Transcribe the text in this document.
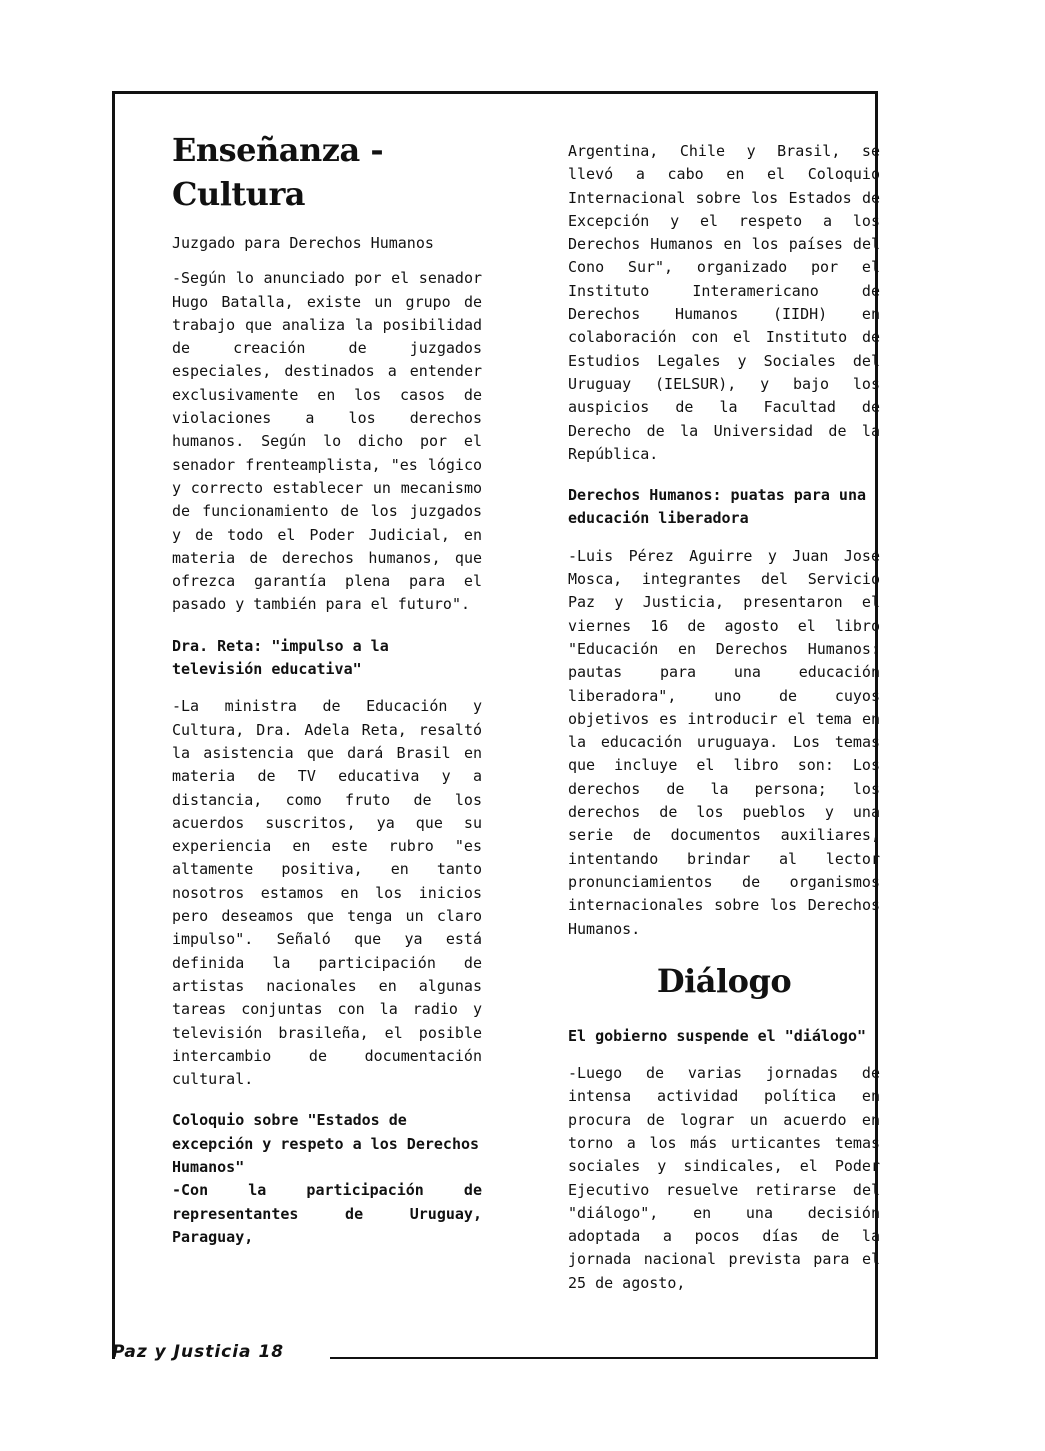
Enseñanza - Cultura

Juzgado para Derechos Humanos

-Según lo anunciado por el senador Hugo Batalla, existe un grupo de trabajo que analiza la posibilidad de creación de juzgados especiales, destinados a entender exclusivamente en los casos de violaciones a los derechos humanos. Según lo dicho por el senador frenteamplista, "es lógico y correcto establecer un mecanismo de funcionamiento de los juzgados y de todo el Poder Judicial, en materia de derechos humanos, que ofrezca garantía plena para el pasado y también para el futuro".

Dra. Reta: "impulso a la televisión educativa"

-La ministra de Educación y Cultura, Dra. Adela Reta, resaltó la asistencia que dará Brasil en materia de TV educativa y a distancia, como fruto de los acuerdos suscritos, ya que su experiencia en este rubro "es altamente positiva, en tanto nosotros estamos en los inicios pero deseamos que tenga un claro impulso". Señaló que ya está definida la participación de artistas nacionales en algunas tareas conjuntas con la radio y televisión brasileña, el posible intercambio de documentación cultural.

Coloquio sobre "Estados de excepción y respeto a los Derechos Humanos"

-Con la participación de representantes de Uruguay, Paraguay,

Argentina, Chile y Brasil, se llevó a cabo en el Coloquio Internacional sobre los Estados de Excepción y el respeto a los Derechos Humanos en los países del Cono Sur", organizado por el Instituto Interamericano de Derechos Humanos (IIDH) en colaboración con el Instituto de Estudios Legales y Sociales del Uruguay (IELSUR), y bajo los auspicios de la Facultad de Derecho de la Universidad de la República.

Derechos Humanos: puatas para una educación liberadora

-Luis Pérez Aguirre y Juan José Mosca, integrantes del Servicio Paz y Justicia, presentaron el viernes 16 de agosto el libro "Educación en Derechos Humanos: pautas para una educación liberadora", uno de cuyos objetivos es introducir el tema en la educación uruguaya. Los temas que incluye el libro son: Los derechos de la persona; los derechos de los pueblos y una serie de documentos auxiliares, intentando brindar al lector pronunciamientos de organismos internacionales sobre los Derechos Humanos.

Diálogo

El gobierno suspende el "diálogo"

-Luego de varias jornadas de intensa actividad política en procura de lograr un acuerdo en torno a los más urticantes temas sociales y sindicales, el Poder Ejecutivo resuelve retirarse del "diálogo", en una decisión adoptada a pocos días de la jornada nacional prevista para el 25 de agosto,

Paz y Justicia 18
